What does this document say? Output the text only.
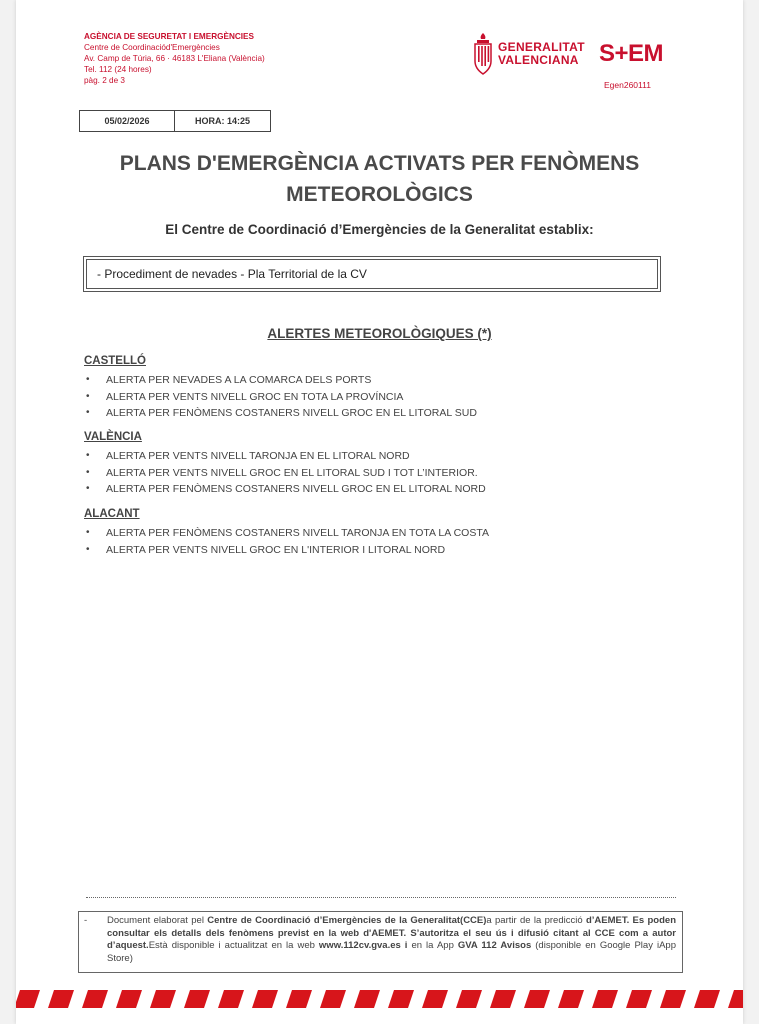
AGÈNCIA DE SEGURETAT I EMERGÈNCIES
Centre de Coordinaciód'Emergències
Av. Camp de Túria, 66 · 46183 L'Eliana (València)
Tel. 112 (24 hores)
pàg. 2 de 3
GENERALITAT
VALENCIANA S+EM
Egen260111
05/02/2026	HORA: 14:25
PLANS D'EMERGÈNCIA ACTIVATS PER FENÒMENS METEOROLÒGICS
El Centre de Coordinació d’Emergències de la Generalitat establix:
- Procediment de nevades - Pla Territorial de la CV
ALERTES METEOROLÒGIQUES (*)
CASTELLÓ
• ALERTA PER NEVADES A LA COMARCA DELS PORTS
• ALERTA PER VENTS NIVELL GROC EN TOTA LA PROVÍNCIA
• ALERTA PER FENÒMENS COSTANERS NIVELL GROC EN EL LITORAL SUD
VALÈNCIA
• ALERTA PER VENTS NIVELL TARONJA EN EL LITORAL NORD
• ALERTA PER VENTS NIVELL GROC EN EL LITORAL SUD I TOT L’INTERIOR.
• ALERTA PER FENÒMENS COSTANERS NIVELL GROC EN EL LITORAL NORD
ALACANT
• ALERTA PER FENÒMENS COSTANERS NIVELL TARONJA EN TOTA LA COSTA
• ALERTA PER VENTS NIVELL GROC EN L'INTERIOR I LITORAL NORD
- Document elaborat pel Centre de Coordinació d’Emergències de la Generalitat(CCE)a partir de la predicció d’AEMET. Es poden consultar els detalls dels fenòmens previst en la web d'AEMET. S’autoritza el seu ús i difusió citant al CCE com a autor d’aquest.Està disponible i actualitzat en la web www.112cv.gva.es i en la App GVA 112 Avisos (disponible en Google Play iApp Store)
